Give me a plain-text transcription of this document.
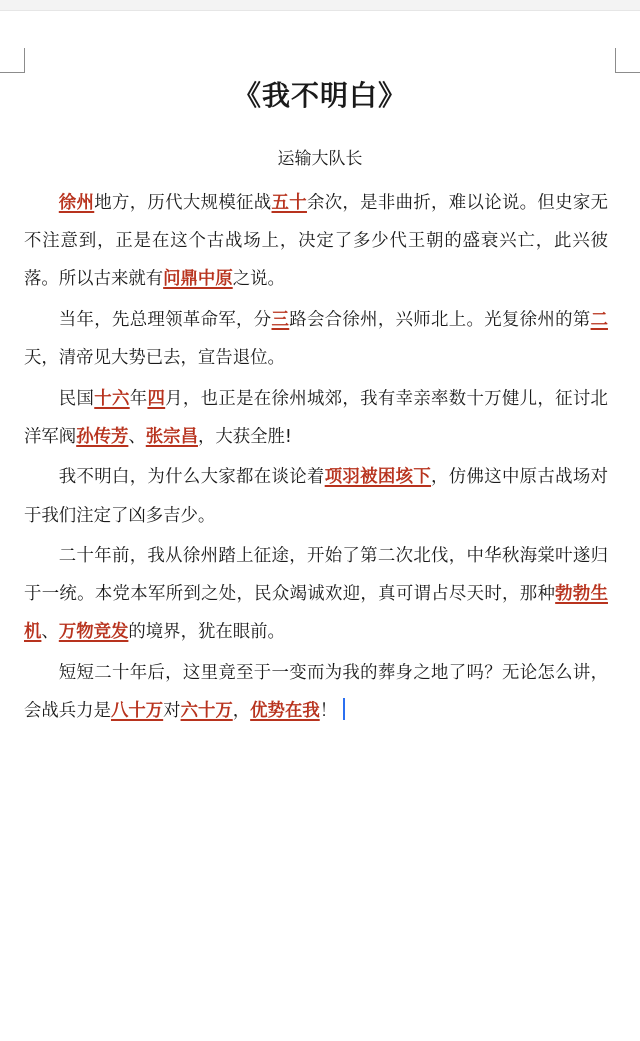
《我不明白》
运输大队长

徐州地方，历代大规模征战五十余次，是非曲折，难以论说。但史家无不注意到，正是在这个古战场上，决定了多少代王朝的盛衰兴亡，此兴彼落。所以古来就有问鼎中原之说。

当年，先总理领革命军，分三路会合徐州，兴师北上。光复徐州的第二天，清帝见大势已去，宣告退位。

民国十六年四月，也正是在徐州城郊，我有幸亲率数十万健儿，征讨北洋军阀孙传芳、张宗昌，大获全胜!

我不明白，为什么大家都在谈论着项羽被困垓下，仿佛这中原古战场对于我们注定了凶多吉少。

二十年前，我从徐州踏上征途，开始了第二次北伐，中华秋海棠叶遂归于一统。本党本军所到之处，民众竭诚欢迎，真可谓占尽天时，那种勃勃生机、万物竞发的境界，犹在眼前。

短短二十年后，这里竟至于一变而为我的葬身之地了吗？无论怎么讲，会战兵力是八十万对六十万，优势在我！
